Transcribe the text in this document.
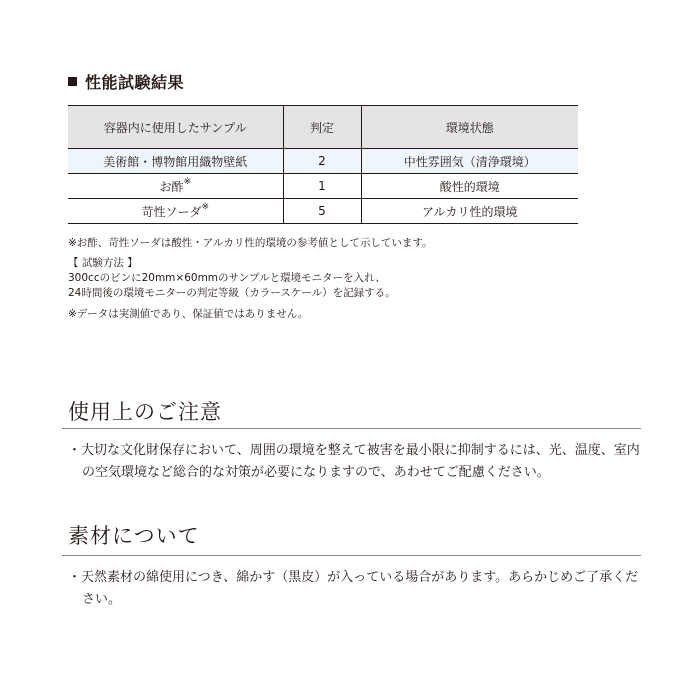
性能試験結果
容器内に使用したサンプル	判定	環境状態
美術館・博物館用織物壁紙	2	中性雰囲気（清浄環境）
お酢※	1	酸性的環境
苛性ソーダ※	5	アルカリ性的環境
※お酢、苛性ソーダは酸性・アルカリ性的環境の参考値として示しています。
【 試験方法 】
300ccのビンに20mm×60mmのサンプルと環境モニターを入れ、
24時間後の環境モニターの判定等級（カラースケール）を記録する。
※データは実測値であり、保証値ではありません。
使用上のご注意
・大切な文化財保存において、周囲の環境を整えて被害を最小限に抑制するには、光、温度、室内の空気環境など総合的な対策が必要になりますので、あわせてご配慮ください。
素材について
・天然素材の綿使用につき、綿かす（黒皮）が入っている場合があります。あらかじめご了承ください。
